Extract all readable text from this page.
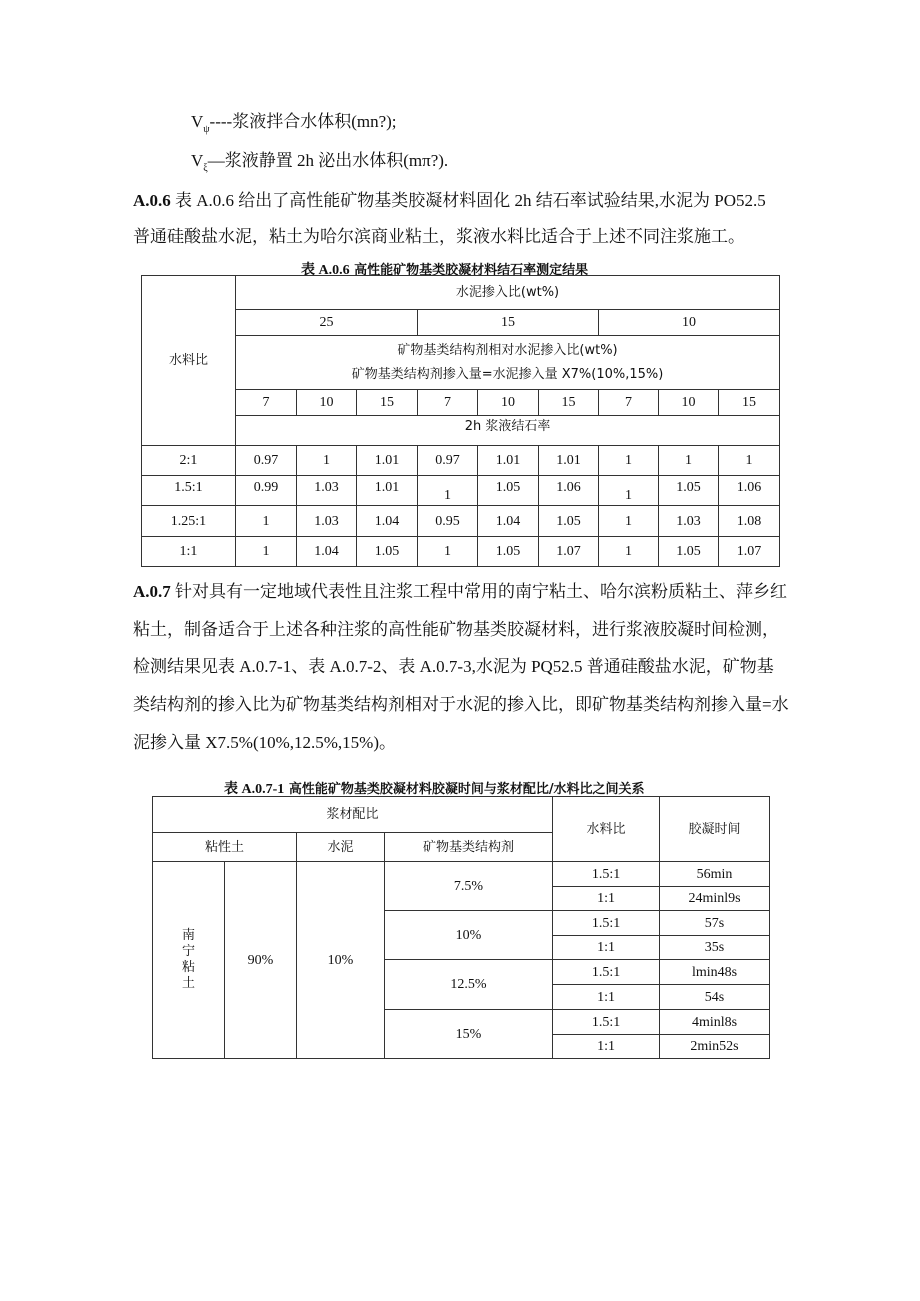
$V_\psi----$浆液拌合水体积(mn?);
$V_\xi—$浆液静置 2h 泌出水体积(mπ?).
A.0.6 表 A.0.6 给出了高性能矿物基类胶凝材料固化 2h 结石率试验结果,水泥为 PO52.5
普通硅酸盐水泥，粘土为哈尔滨商业粘土，浆液水料比适合于上述不同注浆施工。
表 A.0.6 高性能矿物基类胶凝材料结石率测定结果
水料比	水泥掺入比(wt%)								
	25			15			10		

	矿物基类结构剂相对水泥掺入比(wt%)
矿物基类结构剂掺入量=水泥掺入量 X7%(10%,15%)								

	7	10	15	7	10	15	7	10	15
	2h 浆液结石率								
2:1	0.97	1	1.01	0.97	1.01	1.01	1	1	1
1.5:1	0.99	1.03	1.01	1	1.05	1.06	1	1.05	1.06
1.25:1	1	1.03	1.04	0.95	1.04	1.05	1	1.03	1.08
1:1	1	1.04	1.05	1	1.05	1.07	1	1.05	1.07
A.0.7 针对具有一定地域代表性且注浆工程中常用的南宁粘土、哈尔滨粉质粘土、萍乡红
粘土，制备适合于上述各种注浆的高性能矿物基类胶凝材料，进行浆液胶凝时间检测，
检测结果见表 A.0.7-1、表 A.0.7-2、表 A.0.7-3,水泥为 PQ52.5 普通硅酸盐水泥，矿物基
类结构剂的掺入比为矿物基类结构剂相对于水泥的掺入比，即矿物基类结构剂掺入量=水
泥掺入量 X7.5%(10%,12.5%,15%)。
表 A.0.7-1 高性能矿物基类胶凝材料胶凝时间与浆材配比/水料比之间关系
浆材配比				水料比	胶凝时间
粘性土		水泥	矿物基类结构剂		
南宁粘土	90%	10%	7.5%	1.5:1	56min
				1:1	24minl9s
			10%	1.5:1	57s
				1:1	35s
			12.5%	1.5:1	lmin48s
				1:1	54s
			15%	1.5:1	4minl8s
				1:1	2min52s
